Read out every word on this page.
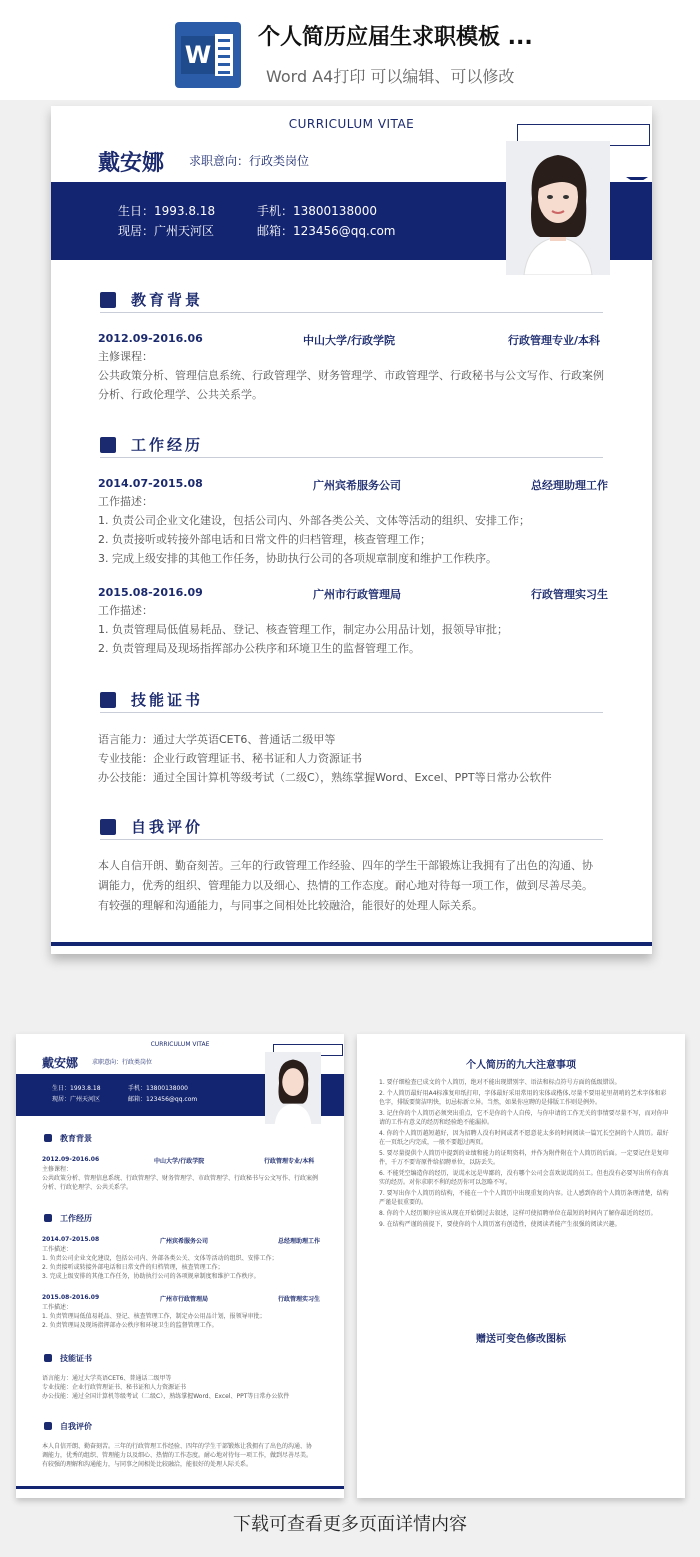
W
个人简历应届生求职模板 ...
Word A4打印 可以编辑、可以修改
CURRICULUM VITAE
戴安娜 求职意向：行政类岗位
生日：1993.8.18	手机：13800138000
现居：广州天河区	邮箱：123456@qq.com
教育背景
2012.09-2016.06	中山大学/行政学院	行政管理专业/本科
主修课程：
公共政策分析、管理信息系统、行政管理学、财务管理学、市政管理学、行政秘书与公文写作、行政案例
分析、行政伦理学、公共关系学。
工作经历
2014.07-2015.08	广州宾希服务公司	总经理助理工作
工作描述：
1. 负责公司企业文化建设，包括公司内、外部各类公关、文体等活动的组织、安排工作；
2. 负责接听或转接外部电话和日常文件的归档管理，核查管理工作；
3. 完成上级安排的其他工作任务，协助执行公司的各项规章制度和维护工作秩序。
2015.08-2016.09	广州市行政管理局	行政管理实习生
工作描述：
1. 负责管理局低值易耗品、登记、核查管理工作，制定办公用品计划，报领导审批；
2. 负责管理局及现场指挥部办公秩序和环境卫生的监督管理工作。
技能证书
语言能力：通过大学英语CET6、普通话二级甲等
专业技能：企业行政管理证书、秘书证和人力资源证书
办公技能：通过全国计算机等级考试（二级C），熟练掌握Word、Excel、PPT等日常办公软件
自我评价
本人自信开朗、勤奋刻苦。三年的行政管理工作经验、四年的学生干部锻炼让我拥有了出色的沟通、协
调能力，优秀的组织、管理能力以及细心、热情的工作态度。耐心地对待每一项工作，做到尽善尽美。
有较强的理解和沟通能力，与同事之间相处比较融洽，能很好的处理人际关系。
CURRICULUM VITAE
戴安娜 求职意向：行政类岗位
生日：1993.8.18	手机：13800138000
现居：广州天河区	邮箱：123456@qq.com
教育背景
2012.09-2016.06	中山大学/行政学院	行政管理专业/本科
主修课程：
公共政策分析、管理信息系统、行政管理学、财务管理学、市政管理学、行政秘书与公文写作、行政案例
分析、行政伦理学、公共关系学。
工作经历
2014.07-2015.08	广州宾希服务公司	总经理助理工作
工作描述：
1. 负责公司企业文化建设，包括公司内、外部各类公关、文体等活动的组织、安排工作；
2. 负责接听或转接外部电话和日常文件的归档管理，核查管理工作；
3. 完成上级安排的其他工作任务，协助执行公司的各项规章制度和维护工作秩序。
2015.08-2016.09	广州市行政管理局	行政管理实习生
工作描述：
1. 负责管理局低值易耗品、登记、核查管理工作，制定办公用品计划，报领导审批；
2. 负责管理局及现场指挥部办公秩序和环境卫生的监督管理工作。
技能证书
语言能力：通过大学英语CET6、普通话二级甲等
专业技能：企业行政管理证书、秘书证和人力资源证书
办公技能：通过全国计算机等级考试（二级C），熟练掌握Word、Excel、PPT等日常办公软件
自我评价
本人自信开朗、勤奋刻苦。三年的行政管理工作经验、四年的学生干部锻炼让我拥有了出色的沟通、协
调能力，优秀的组织、管理能力以及细心、热情的工作态度。耐心地对待每一项工作，做到尽善尽美。
有较强的理解和沟通能力，与同事之间相处比较融洽，能很好的处理人际关系。
个人简历的九大注意事项
1. 要仔细检查已成文的个人简历，绝对不能出现错别字、语法和标点符号方面的低级错误。
2. 个人简历最好用A4标准复印纸打印，字体最好采用常用的宋体或楷体,尽量不要用花里胡哨的艺术字体和彩色字，排版要简洁明快，切忌标新立异。当然，如果你应聘的是排版工作则是例外。
3. 记住你的个人简历必须突出重点，它不是你的个人自传，与你申请的工作无关的事情要尽量不写，而对你申请的工作有意义的经历和经验绝不能漏掉。
4. 你的个人简历越短越好，因为招聘人没有时间或者不愿意花太多的时间阅读一篇冗长空洞的个人简历。最好在一页纸之内完成，一般不要超过两页。
5. 要尽量提供个人简历中提到的业绩和能力的证明资料，并作为附件附在个人简历的后面。一定要记住是复印件，千万不要寄原件给招聘单位，以防丢失。
6. 不能凭空编造你的经历，说谎永远是卑鄙的，没有哪个公司会喜欢说谎的员工。但也没有必要写出所有你真实的经历。对你求职不利的经历你可以忽略不写。
7. 要写出你个人简历的结构，不能在一个个人简历中出现重复的内容。让人感到你的个人简历条理清楚，结构严谨是很重要的。
8. 你的个人经历顺序应该从现在开始倒过去叙述，这样可使招聘单位在最短的时间内了解你最近的经历。
9. 在结构严谨的前提下，要使你的个人简历富有创造性，使阅读者能产生很强的阅读兴趣。
赠送可变色修改图标
下载可查看更多页面详情内容
